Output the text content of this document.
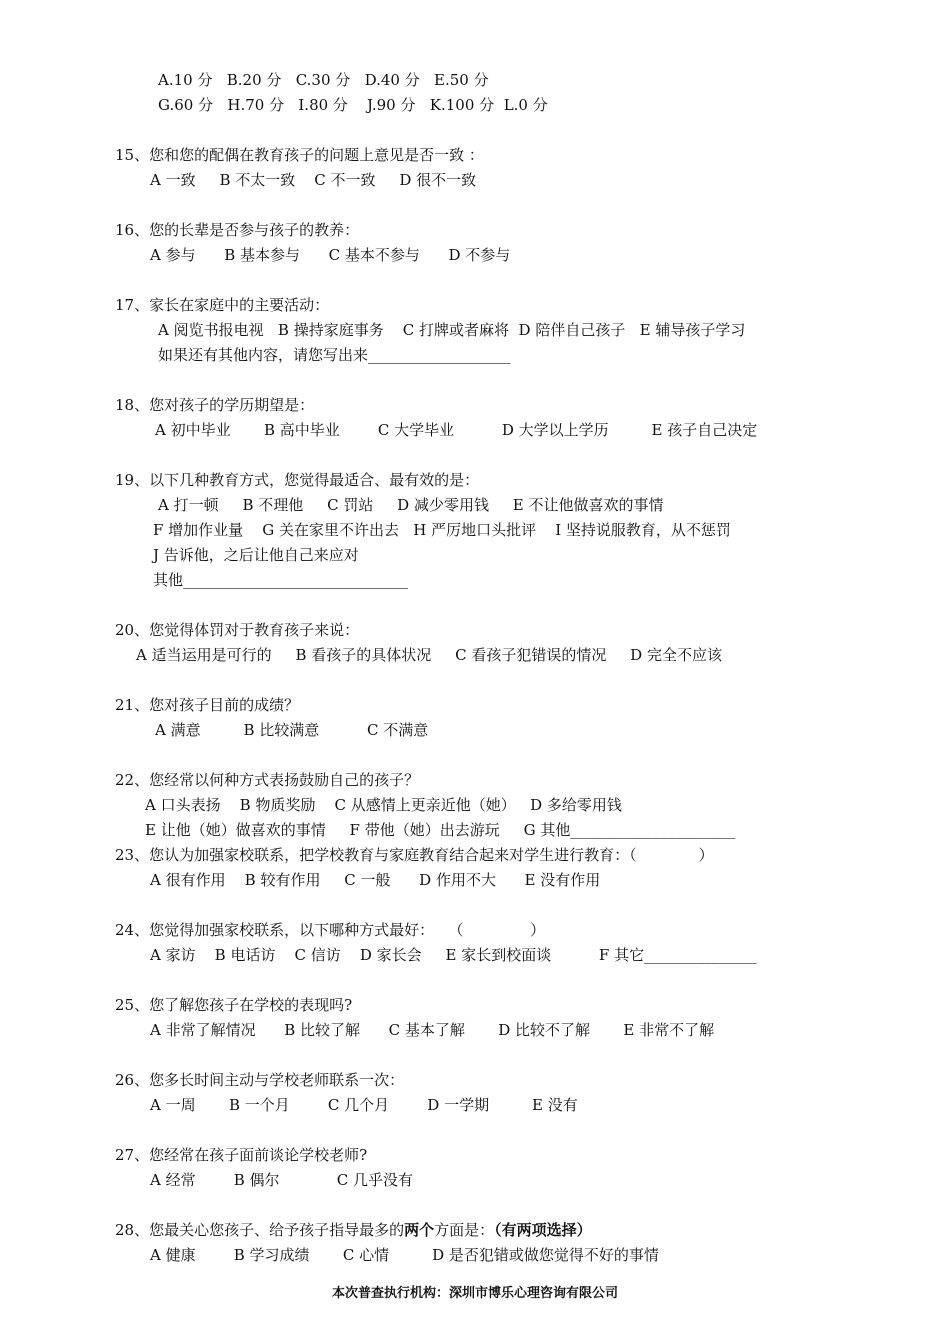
A.10 分   B.20 分   C.30 分   D.40 分   E.50 分
G.60 分   H.70 分   I.80 分    J.90 分   K.100 分  L.0 分
15、您和您的配偶在教育孩子的问题上意见是否一致 ：
A 一致     B 不太一致    C 不一致     D 很不一致
16、您的长辈是否参与孩子的教养：
A 参与      B 基本参与      C 基本不参与      D 不参与
17、家长在家庭中的主要活动：
A 阅览书报电视   B 操持家庭事务    C 打牌或者麻将  D 陪伴自己孩子   E 辅导孩子学习
如果还有其他内容，请您写出来___________________
18、您对孩子的学历期望是：
A 初中毕业       B 高中毕业        C 大学毕业          D 大学以上学历         E 孩子自己决定
19、以下几种教育方式，您觉得最适合、最有效的是：
A 打一顿     B 不理他     C 罚站     D 减少零用钱     E 不让他做喜欢的事情
F 增加作业量    G 关在家里不许出去   H 严厉地口头批评    I 坚持说服教育，从不惩罚
J 告诉他，之后让他自己来应对
其他______________________________
20、您觉得体罚对于教育孩子来说：
A 适当运用是可行的     B 看孩子的具体状况     C 看孩子犯错误的情况     D 完全不应该
21、您对孩子目前的成绩？
A 满意         B 比较满意          C 不满意
22、您经常以何种方式表扬鼓励自己的孩子？
A 口头表扬    B 物质奖励    C 从感情上更亲近他（她）   D 多给零用钱
E 让他（她）做喜欢的事情     F 带他（她）出去游玩     G 其他______________________
23、您认为加强家校联系，把学校教育与家庭教育结合起来对学生进行教育：（             ）
A 很有作用    B 较有作用     C 一般      D 作用不大      E 没有作用
24、您觉得加强家校联系，以下哪种方式最好：   （              ）
A 家访    B 电话访    C 信访    D 家长会     E 家长到校面谈          F 其它_______________
25、您了解您孩子在学校的表现吗?
A 非常了解情况      B 比较了解      C 基本了解       D 比较不了解       E 非常不了解
26、您多长时间主动与学校老师联系一次：
A 一周       B 一个月        C 几个月        D 一学期         E 没有
27、您经常在孩子面前谈论学校老师?
A 经常        B 偶尔            C 几乎没有
28、您最关心您孩子、给予孩子指导最多的两个方面是：（有两项选择）
A 健康        B 学习成绩       C 心情         D 是否犯错或做您觉得不好的事情
本次普查执行机构：深圳市博乐心理咨询有限公司
